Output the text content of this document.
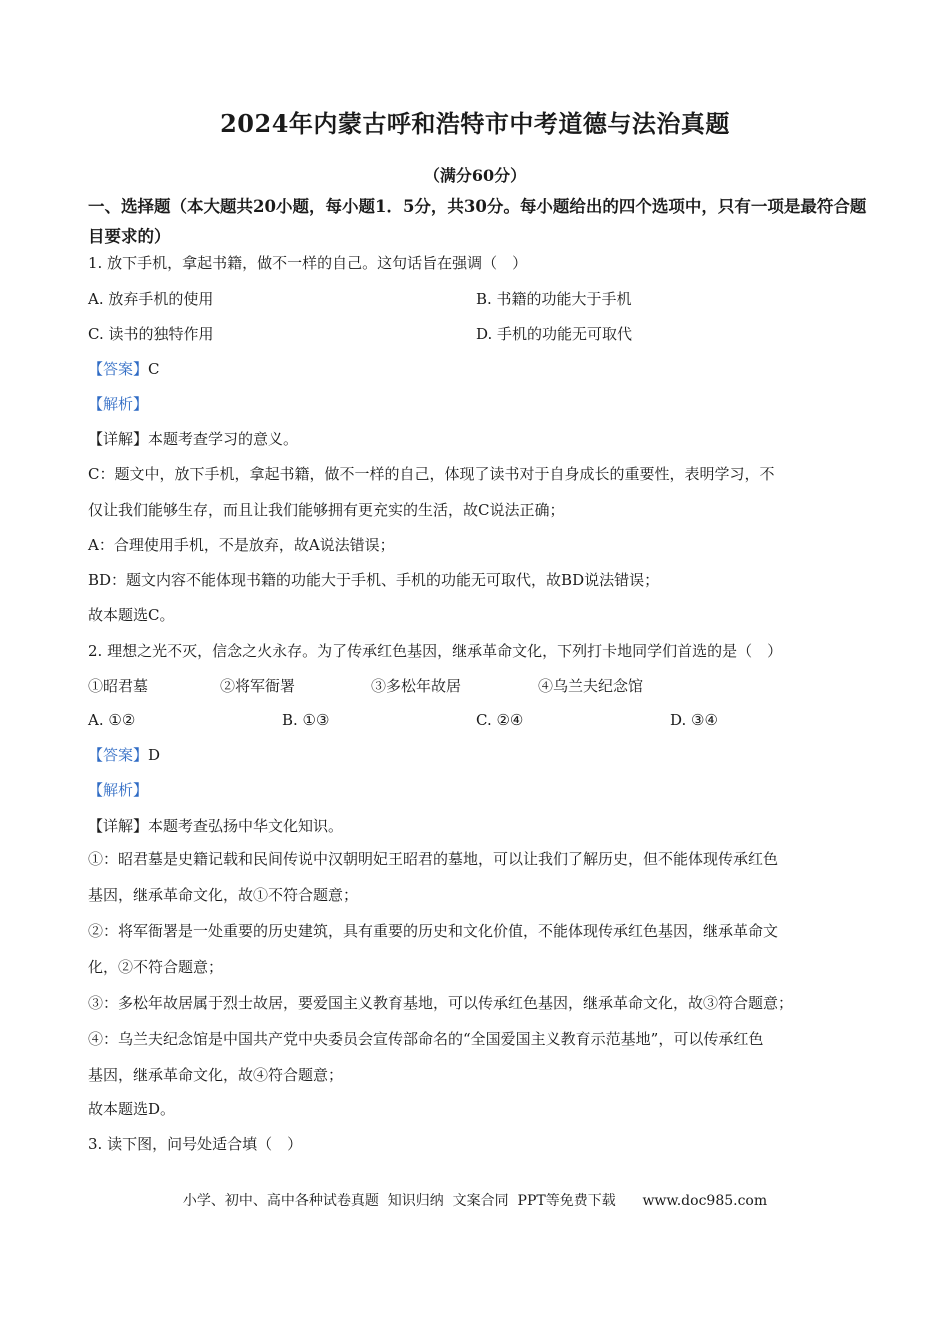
2024年内蒙古呼和浩特市中考道德与法治真题
（满分60分）
一、选择题（本大题共20小题，每小题1．5分，共30分。每小题给出的四个选项中，只有一项是最符合题目要求的）
1. 放下手机，拿起书籍，做不一样的自己。这句话旨在强调（　）
A. 放弃手机的使用	B. 书籍的功能大于手机
C. 读书的独特作用	D. 手机的功能无可取代
【答案】C
【解析】
【详解】本题考查学习的意义。
C：题文中，放下手机，拿起书籍，做不一样的自己，体现了读书对于自身成长的重要性，表明学习，不
仅让我们能够生存，而且让我们能够拥有更充实的生活，故C说法正确；
A：合理使用手机，不是放弃，故A说法错误；
BD：题文内容不能体现书籍的功能大于手机、手机的功能无可取代，故BD说法错误；
故本题选C。
2. 理想之光不灭，信念之火永存。为了传承红色基因，继承革命文化，下列打卡地同学们首选的是（　）
①昭君墓	②将军衙署	③多松年故居	④乌兰夫纪念馆
A. ①②	B. ①③	C. ②④	D. ③④
【答案】D
【解析】
【详解】本题考查弘扬中华文化知识。
①：昭君墓是史籍记载和民间传说中汉朝明妃王昭君的墓地，可以让我们了解历史，但不能体现传承红色
基因，继承革命文化，故①不符合题意；
②：将军衙署是一处重要的历史建筑，具有重要的历史和文化价值，不能体现传承红色基因，继承革命文
化，②不符合题意；
③：多松年故居属于烈士故居，要爱国主义教育基地，可以传承红色基因，继承革命文化，故③符合题意；
④：乌兰夫纪念馆是中国共产党中央委员会宣传部命名的“全国爱国主义教育示范基地”，可以传承红色
基因，继承革命文化，故④符合题意；
故本题选D。
3. 读下图，问号处适合填（　）
小学、初中、高中各种试卷真题  知识归纳  文案合同  PPT等免费下载      www.doc985.com
